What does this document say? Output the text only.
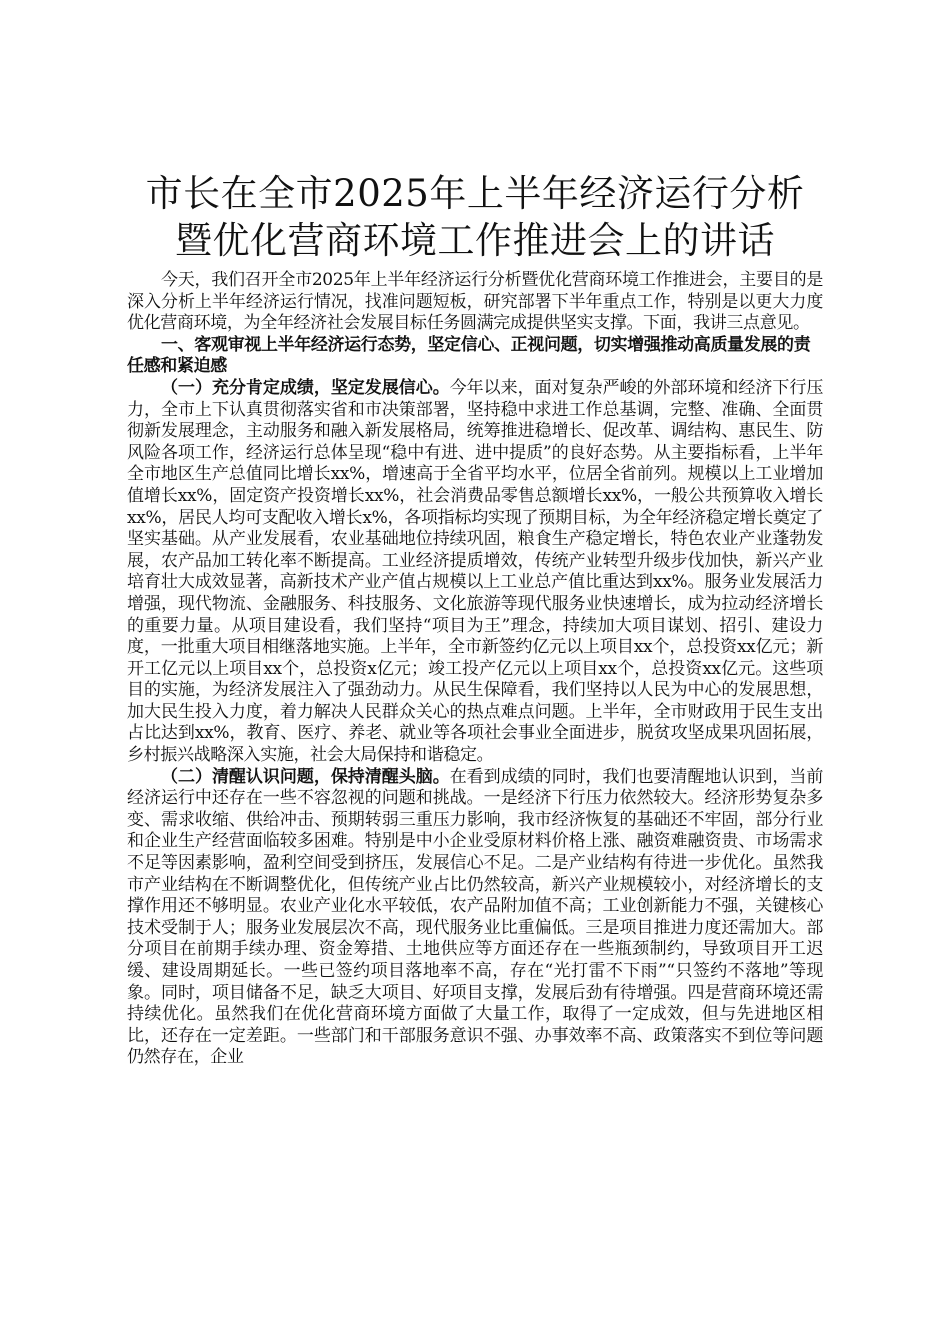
市长在全市2025年上半年经济运行分析暨优化营商环境工作推进会上的讲话

今天，我们召开全市2025年上半年经济运行分析暨优化营商环境工作推进会，主要目的是深入分析上半年经济运行情况，找准问题短板，研究部署下半年重点工作，特别是以更大力度优化营商环境，为全年经济社会发展目标任务圆满完成提供坚实支撑。下面，我讲三点意见。

一、客观审视上半年经济运行态势，坚定信心、正视问题，切实增强推动高质量发展的责任感和紧迫感

（一）充分肯定成绩，坚定发展信心。今年以来，面对复杂严峻的外部环境和经济下行压力，全市上下认真贯彻落实省和市决策部署，坚持稳中求进工作总基调，完整、准确、全面贯彻新发展理念，主动服务和融入新发展格局，统筹推进稳增长、促改革、调结构、惠民生、防风险各项工作，经济运行总体呈现“稳中有进、进中提质”的良好态势。从主要指标看，上半年全市地区生产总值同比增长xx%，增速高于全省平均水平，位居全省前列。规模以上工业增加值增长xx%，固定资产投资增长xx%，社会消费品零售总额增长xx%，一般公共预算收入增长xx%，居民人均可支配收入增长x%，各项指标均实现了预期目标，为全年经济稳定增长奠定了坚实基础。从产业发展看，农业基础地位持续巩固，粮食生产稳定增长，特色农业产业蓬勃发展，农产品加工转化率不断提高。工业经济提质增效，传统产业转型升级步伐加快，新兴产业培育壮大成效显著，高新技术产业产值占规模以上工业总产值比重达到xx%。服务业发展活力增强，现代物流、金融服务、科技服务、文化旅游等现代服务业快速增长，成为拉动经济增长的重要力量。从项目建设看，我们坚持“项目为王”理念，持续加大项目谋划、招引、建设力度，一批重大项目相继落地实施。上半年，全市新签约亿元以上项目xx个，总投资xx亿元；新开工亿元以上项目xx个，总投资x亿元；竣工投产亿元以上项目xx个，总投资xx亿元。这些项目的实施，为经济发展注入了强劲动力。从民生保障看，我们坚持以人民为中心的发展思想，加大民生投入力度，着力解决人民群众关心的热点难点问题。上半年，全市财政用于民生支出占比达到xx%，教育、医疗、养老、就业等各项社会事业全面进步，脱贫攻坚成果巩固拓展，乡村振兴战略深入实施，社会大局保持和谐稳定。

（二）清醒认识问题，保持清醒头脑。在看到成绩的同时，我们也要清醒地认识到，当前经济运行中还存在一些不容忽视的问题和挑战。一是经济下行压力依然较大。经济形势复杂多变、需求收缩、供给冲击、预期转弱三重压力影响，我市经济恢复的基础还不牢固，部分行业和企业生产经营面临较多困难。特别是中小企业受原材料价格上涨、融资难融资贵、市场需求不足等因素影响，盈利空间受到挤压，发展信心不足。二是产业结构有待进一步优化。虽然我市产业结构在不断调整优化，但传统产业占比仍然较高，新兴产业规模较小，对经济增长的支撑作用还不够明显。农业产业化水平较低，农产品附加值不高；工业创新能力不强，关键核心技术受制于人；服务业发展层次不高，现代服务业比重偏低。三是项目推进力度还需加大。部分项目在前期手续办理、资金筹措、土地供应等方面还存在一些瓶颈制约，导致项目开工迟缓、建设周期延长。一些已签约项目落地率不高，存在“光打雷不下雨”“只签约不落地”等现象。同时，项目储备不足，缺乏大项目、好项目支撑，发展后劲有待增强。四是营商环境还需持续优化。虽然我们在优化营商环境方面做了大量工作，取得了一定成效，但与先进地区相比，还存在一定差距。一些部门和干部服务意识不强、办事效率不高、政策落实不到位等问题仍然存在，企业
